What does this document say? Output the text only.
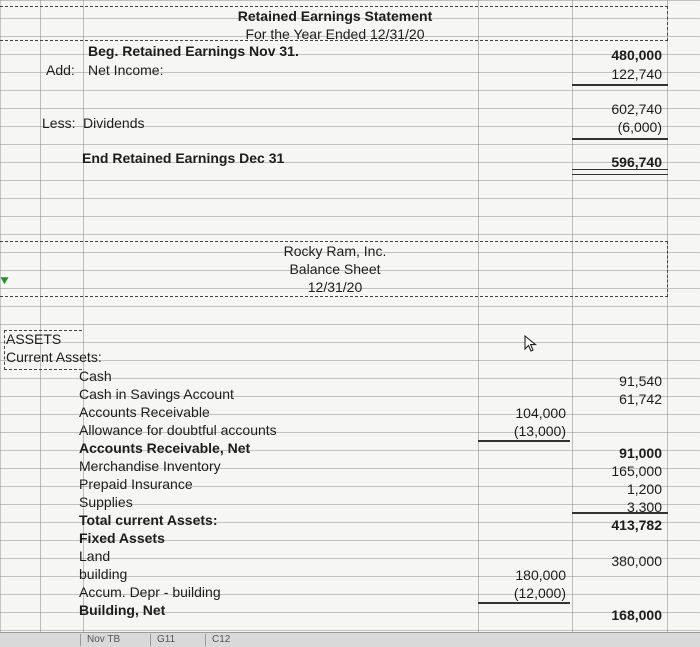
Retained Earnings Statement
For the Year Ended 12/31/20
Beg. Retained Earnings Nov 31.	480,000
Add: Net Income:	122,740
602,740
Less: Dividends	(6,000)
End Retained Earnings Dec 31	596,740
Rocky Ram, Inc.
Balance Sheet
12/31/20
ASSETS
Current Assets:
Cash	91,540
Cash in Savings Account	61,742
Accounts Receivable	104,000
Allowance for doubtful accounts	(13,000)
Accounts Receivable, Net	91,000
Merchandise Inventory	165,000
Prepaid Insurance	1,200
Supplies	3,300
Total current Assets:	413,782
Fixed Assets
Land	380,000
building	180,000
Accum. Depr - building	(12,000)
Building, Net	168,000
Nov TB	G11	C12
